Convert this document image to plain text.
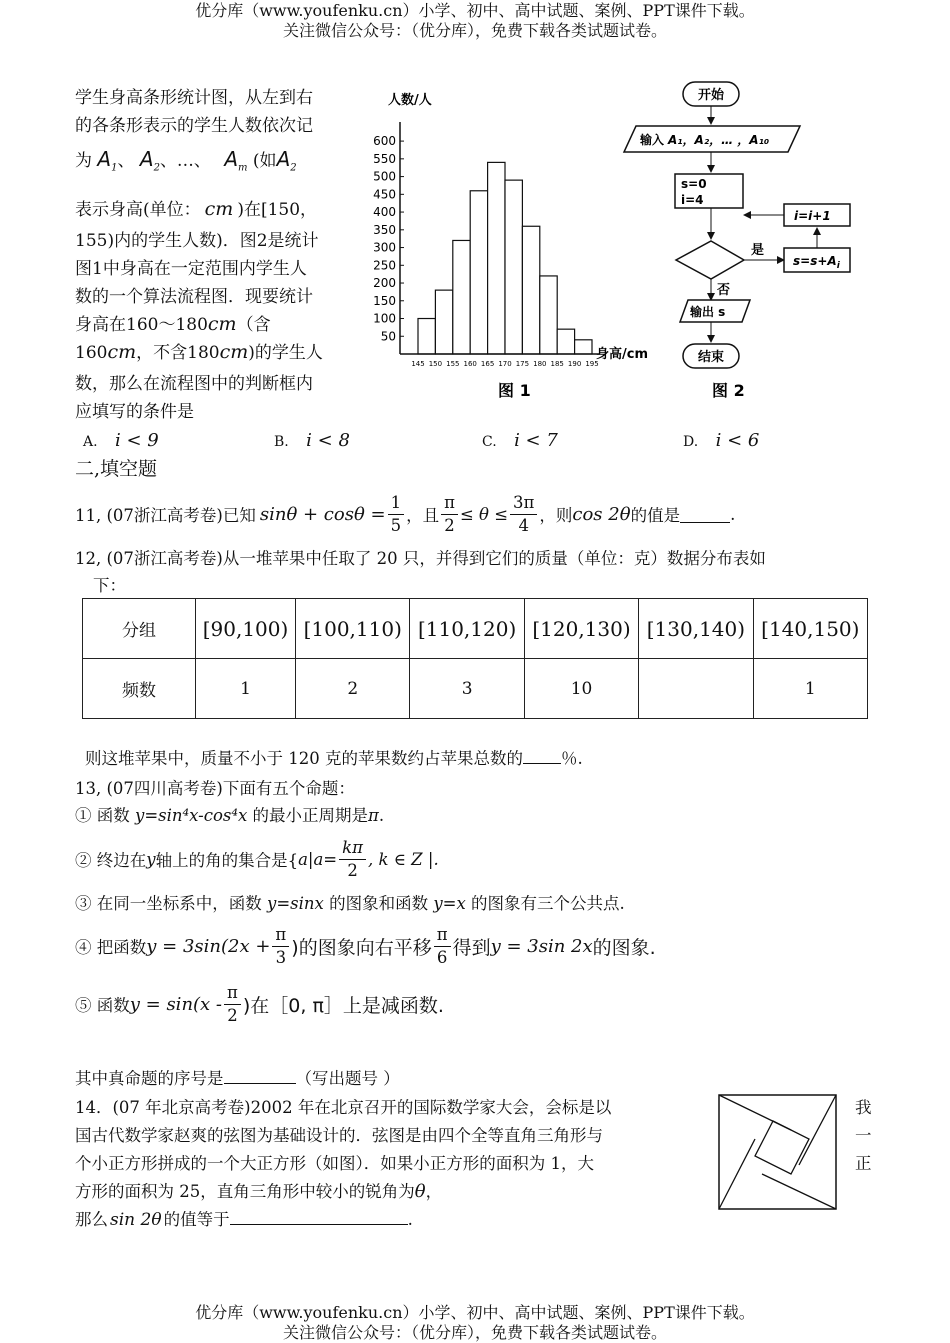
优分库（www.youfenku.cn）小学、初中、高中试题、案例、PPT课件下载。
关注微信公众号：（优分库），免费下载各类试题试卷。
学生身高条形统计图，从左到右
的各条形表示的学生人数依次记
为 $A_1$、 $A_2$、…、 $A_m$ (如$A_2$
表示身高(单位： cm )在[150，
155)内的学生人数)．图2是统计
图1中身高在一定范围内学生人
数的一个算法流程图．现要统计
身高在160～180cm（含
160cm，不含180cm)的学生人
数，那么在流程图中的判断框内
应填写的条件是
A. i < 9	B. i < 8	C. i < 7	D. i < 6
人数/人
50
100
150
200
250
300
350
400
450
500
550
600
145 150 155 160 165 170 175 180 185 190 195
身高/cm
图 1
开始
输入 A₁，A₂，… ，A₁₀
s=0
i=4
i=i+1
是
$s=s+A_i$
否
输出 s
结束
图 2
二,填空题
11, (07浙江高考卷)已知 $\sin\theta + \cos\theta = \frac{1}{5}$ ，且 $\frac{\pi}{2} \le \theta \le \frac{3\pi}{4}$ ，则 cos 2θ 的值是	.
12, (07浙江高考卷)从一堆苹果中任取了 20 只，并得到它们的质量（单位：克）数据分布表如
下：
分组	[90,100)	[100,110)	[110,120)	[120,130)	[130,140)	[140,150)
频数	1	2	3	10		1
则这堆苹果中，质量不小于 120 克的苹果数约占苹果总数的 ％.
13, (07四川高考卷)下面有五个命题：
① 函数 y=sin⁴x-cos⁴x 的最小正周期是π.
② 终边在 y 轴上的角的集合是{ $a|a= \frac{k\pi}{2}$ , k ∈ Z |.
③ 在同一坐标系中，函数 y=sinx 的图象和函数 y=x 的图象有三个公共点.
④ 把函数 $y = 3\sin(2x + \frac{\pi}{3}$ )的图象向右平移 $\frac{\pi}{6}$ 得到 y = 3sin 2x 的图象.
⑤ 函数 $y = \sin(x - \frac{\pi}{2}$ )在［0, π］上是减函数.
其中真命题的序号是	（写出题号 ）
14．(07 年北京高考卷)2002 年在北京召开的国际数学家大会，会标是以
国古代数学家赵爽的弦图为基础设计的．弦图是由四个全等直角三角形与
个小正方形拼成的一个大正方形（如图）．如果小正方形的面积为 1，大
方形的面积为 25，直角三角形中较小的锐角为θ，
那么 sin 2θ 的值等于	.
我
一
正
优分库（www.youfenku.cn）小学、初中、高中试题、案例、PPT课件下载。
关注微信公众号：（优分库），免费下载各类试题试卷。
